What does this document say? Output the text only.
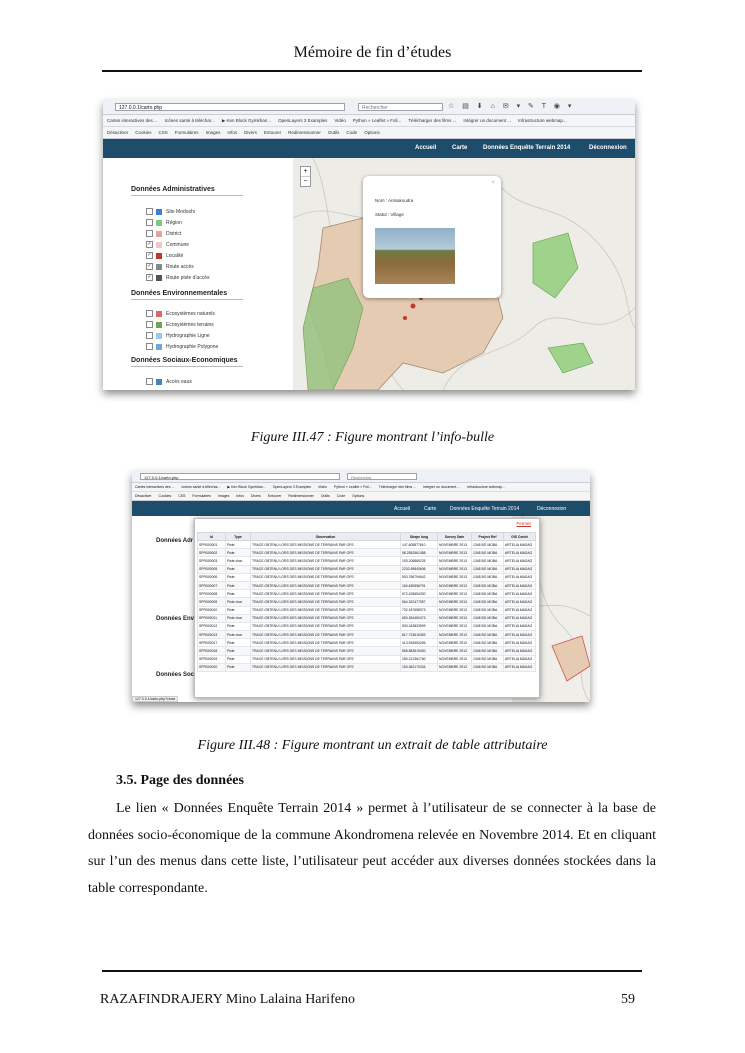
Mémoire de fin d’études
127.0.0.1/carto.php	Rechercher	☆ ▤ ⬇ ⌂ ✉ ▾ ✎ T ◉ ▾
Cartes interactives des ... Icônes santé à téléchar... ▶ Ken Block Gymkhan... OpenLayers 3 Examples Vidéo Python » Leaflet » Foli... Télécharger des films ... Intégrer un document ... Infrastructure webmap...
Désactiver Cookies CSS Formulaires Images Infos Divers Entourer Redimensionner Outils Code Options
Accueil	Carte	Données Enquête Terrain 2014	Déconnexion
Données Administratives
Données Environnementales
Données Sociaux-Economiques
Site Modoshi
Région
District
✓	Commune
✓	Localité
✓	Route accès
✓	Route piste d'accès
Ecosystèmes naturels
Ecosystèmes terrains
Hydrographie Ligne
Hydrographie Polygone
Accès eaux
+
−	×
Nom : Antsakoudra
Statut : Village
Figure III.47 : Figure montrant l’info-bulle
127.0.0.1/carto.php	Rechercher
Cartes interactives des ... Icônes santé à téléchar... ▶ Ken Block Gymkhan... OpenLayers 3 Examples Vidéo Python » Leaflet » Foli... Télécharger des films ... Intégrer un document ... Infrastructure webmap...
Désactiver Cookies CSS Formulaires Images Infos Divers Entourer Redimensionner Outils Code Options
Accueil	Carte	Données Enquête Terrain 2014	Déconnexion
Données Adr
Données Env
Données Soc
Fermer
Id	Type	Observation	Shape long	Survey Date	Project Ref	GIS Contri
SPR000001	Piste	TRACE OBTENU LORS DES MISSIONS DE TERRAINS PAR GPS	147.605877610	NOVEMBRE 2013	1348 BG MOBA	ARTELIA MADAG
SPR000002	Piste	TRACE OBTENU LORS DES MISSIONS DE TERRAINS PAR GPS	58.2552561488	NOVEMBRE 2013	1348 BG MOBA	ARTELIA MADAG
SPR000003	Piste char	TRACE OBTENU LORS DES MISSIONS DE TERRAINS PAR GPS	193.206869225	NOVEMBRE 2013	1348 BG MOBA	ARTELIA MADAG
SPR000005	Piste	TRACE OBTENU LORS DES MISSIONS DE TERRAINS PAR GPS	2232.59840606	NOVEMBRE 2013	1348 BG MOBA	ARTELIA MADAG
SPR000006	Piste	TRACE OBTENU LORS DES MISSIONS DE TERRAINS PAR GPS	503.766794642	NOVEMBRE 2013	1348 BG MOBA	ARTELIA MADAG
SPR000007	Piste	TRACE OBTENU LORS DES MISSIONS DE TERRAINS PAR GPS	160.630556791	NOVEMBRE 2013	1348 BG MOBA	ARTELIA MADAG
SPR000008	Piste	TRACE OBTENU LORS DES MISSIONS DE TERRAINS PAR GPS	672.425654330	NOVEMBRE 2013	1348 BG MOBA	ARTELIA MADAG
SPR000009	Piste char	TRACE OBTENU LORS DES MISSIONS DE TERRAINS PAR GPS	564.322477057	NOVEMBRE 2013	1348 BG MOBA	ARTELIA MADAG
SPR000010	Piste	TRACE OBTENU LORS DES MISSIONS DE TERRAINS PAR GPS	732.187658373	NOVEMBRE 2013	1348 BG MOBA	ARTELIA MADAG
SPR000011	Piste char	TRACE OBTENU LORS DES MISSIONS DE TERRAINS PAR GPS	653.264450473	NOVEMBRE 2013	1348 BG MOBA	ARTELIA MADAG
SPR000012	Piste	TRACE OBTENU LORS DES MISSIONS DE TERRAINS PAR GPS	533.343833909	NOVEMBRE 2013	1348 BG MOBA	ARTELIA MADAG
SPR000013	Piste char	TRACE OBTENU LORS DES MISSIONS DE TERRAINS PAR GPS	817.723615353	NOVEMBRE 2013	1348 BG MOBA	ARTELIA MADAG
SPR000017	Piste	TRACE OBTENU LORS DES MISSIONS DE TERRAINS PAR GPS	413.534553256	NOVEMBRE 2013	1348 BG MOBA	ARTELIA MADAG
SPR000018	Piste	TRACE OBTENU LORS DES MISSIONS DE TERRAINS PAR GPS	855.883519400	NOVEMBRE 2013	1348 BG MOBA	ARTELIA MADAG
SPR000019	Piste	TRACE OBTENU LORS DES MISSIONS DE TERRAINS PAR GPS	180.221361760	NOVEMBRE 2013	1348 BG MOBA	ARTELIA MADAG
SPR000020	Piste	TRACE OBTENU LORS DES MISSIONS DE TERRAINS PAR GPS	153.362170334	NOVEMBRE 2013	1348 BG MOBA	ARTELIA MADAG
127.0.0.1/carto.php?close
Figure III.48 : Figure montrant un extrait de table attributaire
3.5. Page des données
Le lien « Données Enquête Terrain 2014 » permet à l’utilisateur de se connecter à la base de données socio-économique de la commune Akondromena relevée en Novembre 2014. Et en cliquant sur l’un des menus dans cette liste, l’utilisateur peut accéder aux diverses données stockées dans la table correspondante.
RAZAFINDRAJERY Mino Lalaina Harifeno	59
